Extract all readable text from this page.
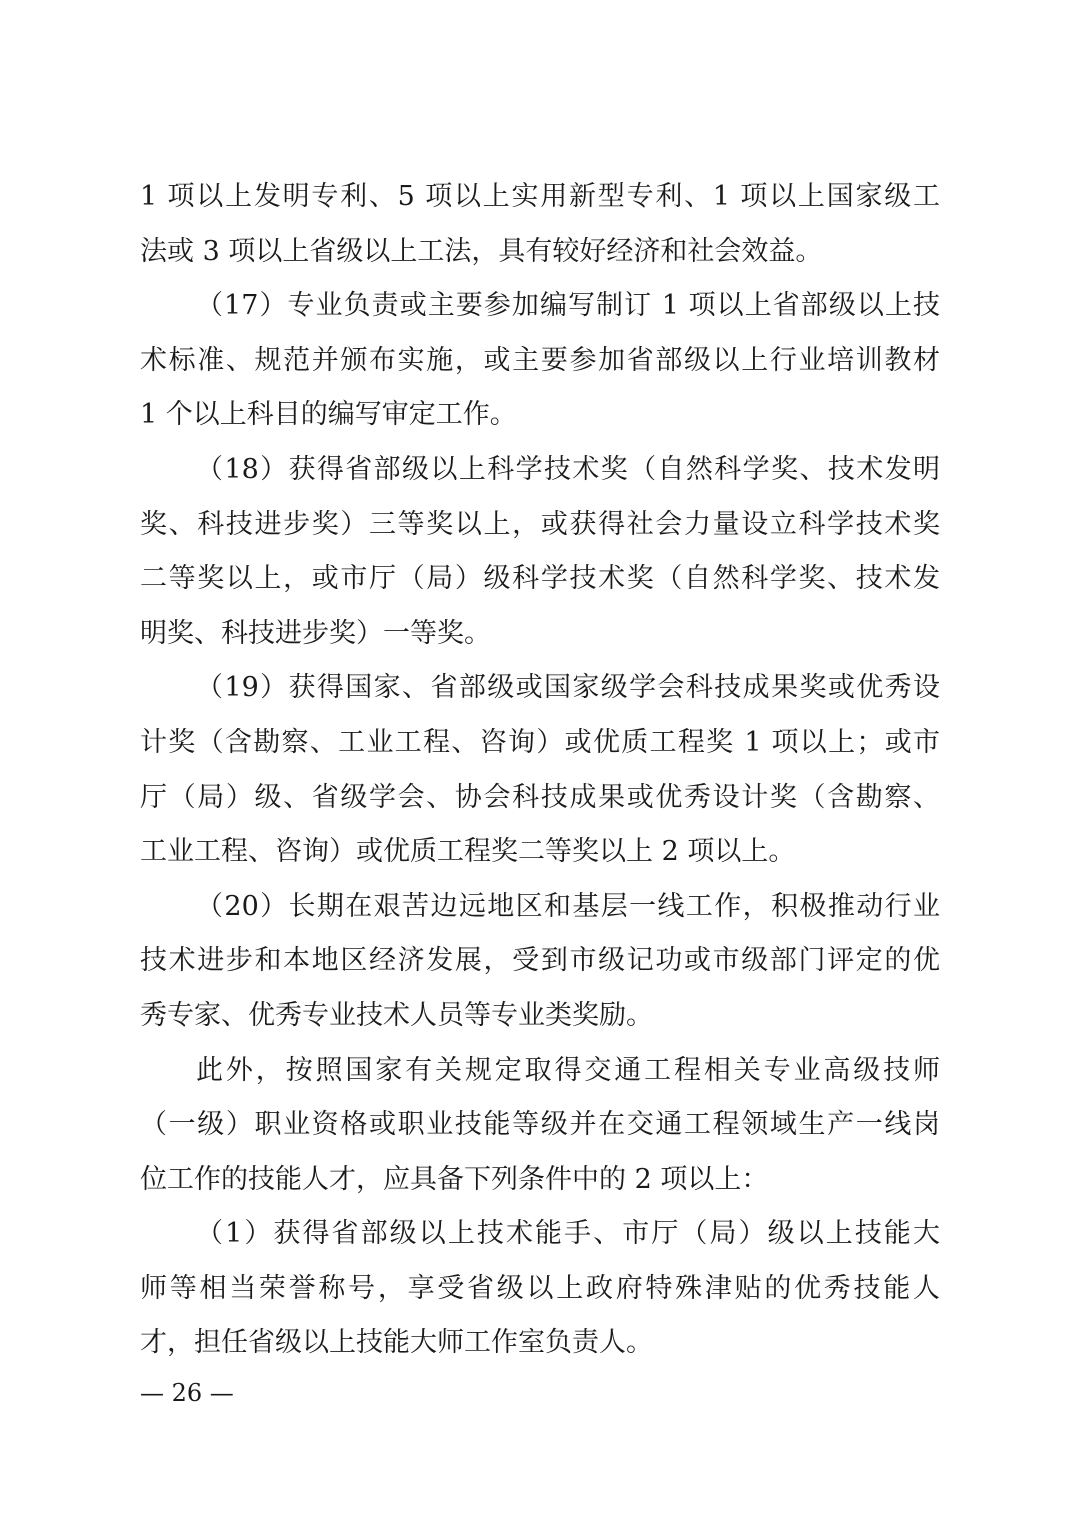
1 项以上发明专利、5 项以上实用新型专利、1 项以上国家级工
法或 3 项以上省级以上工法，具有较好经济和社会效益。
（17）专业负责或主要参加编写制订 1 项以上省部级以上技
术标准、规范并颁布实施，或主要参加省部级以上行业培训教材
1 个以上科目的编写审定工作。
（18）获得省部级以上科学技术奖（自然科学奖、技术发明
奖、科技进步奖）三等奖以上，或获得社会力量设立科学技术奖
二等奖以上，或市厅（局）级科学技术奖（自然科学奖、技术发
明奖、科技进步奖）一等奖。
（19）获得国家、省部级或国家级学会科技成果奖或优秀设
计奖（含勘察、工业工程、咨询）或优质工程奖 1 项以上；或市
厅（局）级、省级学会、协会科技成果或优秀设计奖（含勘察、
工业工程、咨询）或优质工程奖二等奖以上 2 项以上。
（20）长期在艰苦边远地区和基层一线工作，积极推动行业
技术进步和本地区经济发展，受到市级记功或市级部门评定的优
秀专家、优秀专业技术人员等专业类奖励。
此外，按照国家有关规定取得交通工程相关专业高级技师
（一级）职业资格或职业技能等级并在交通工程领域生产一线岗
位工作的技能人才，应具备下列条件中的 2 项以上：
（1）获得省部级以上技术能手、市厅（局）级以上技能大
师等相当荣誉称号，享受省级以上政府特殊津贴的优秀技能人
才，担任省级以上技能大师工作室负责人。
— 26 —
